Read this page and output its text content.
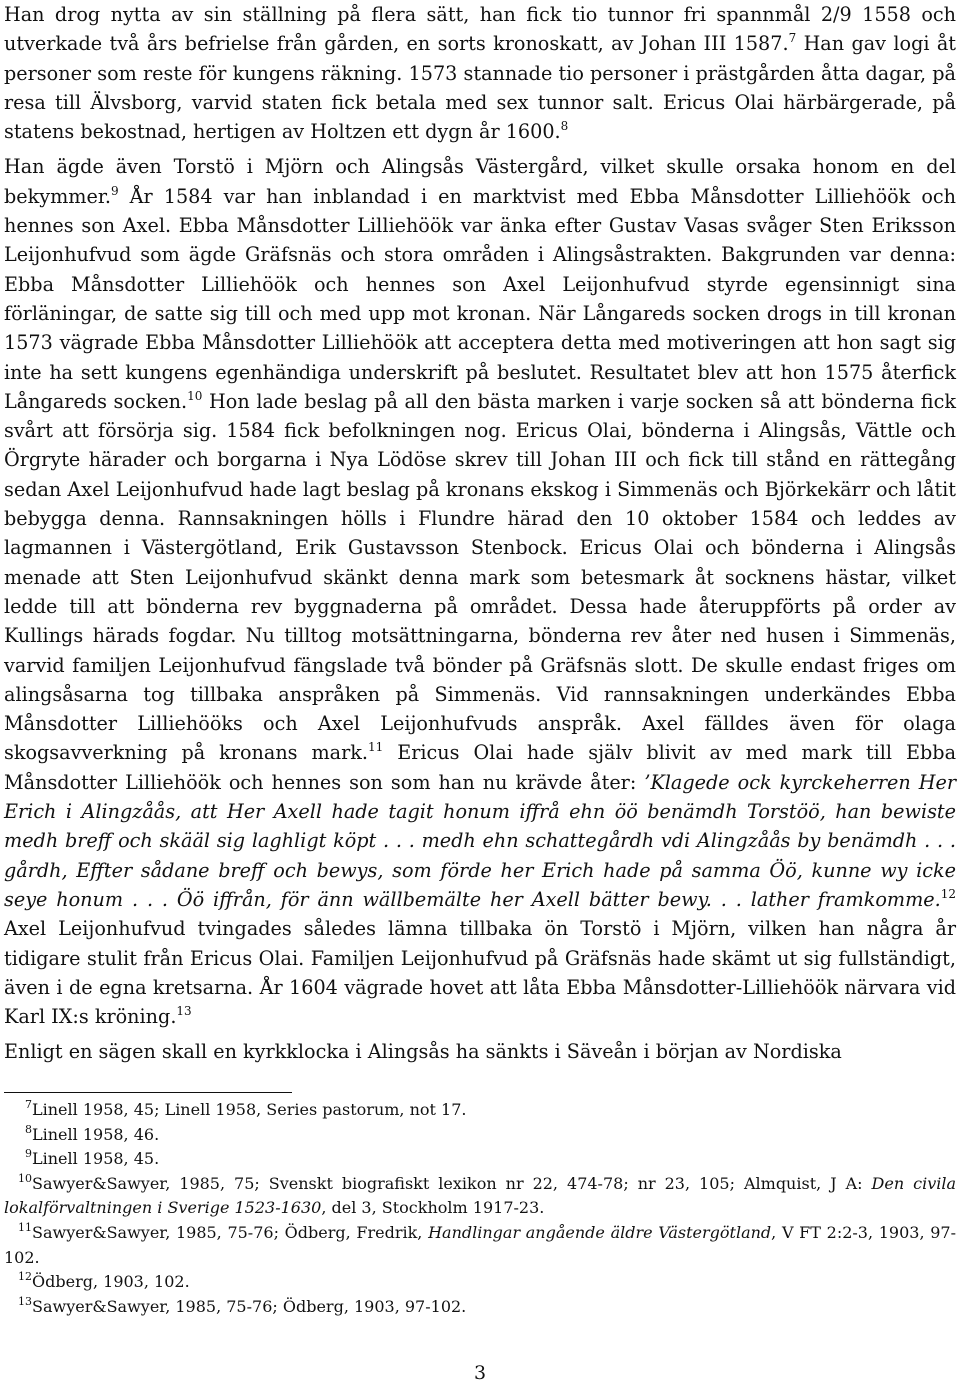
Han drog nytta av sin ställning på flera sätt, han fick tio tunnor fri spannmål 2/9 1558 och utverkade två års befrielse från gården, en sorts kronoskatt, av Johan III 1587.$^7$ Han gav logi åt personer som reste för kungens räkning. 1573 stannade tio personer i prästgården åtta dagar, på resa till Älvsborg, varvid staten fick betala med sex tunnor salt. Ericus Olai härbärgerade, på statens bekostnad, hertigen av Holtzen ett dygn år 1600.$^8$

Han ägde även Torstö i Mjörn och Alingsås Västergård, vilket skulle orsaka honom en del bekymmer.$^9$ År 1584 var han inblandad i en marktvist med Ebba Månsdotter Lilliehöök och hennes son Axel. Ebba Månsdotter Lilliehöök var änka efter Gustav Vasas svåger Sten Eriksson Leijonhufvud som ägde Gräfsnäs och stora områden i Alingsåstrakten. Bakgrunden var denna: Ebba Månsdotter Lilliehöök och hennes son Axel Leijonhufvud styrde egensinnigt sina förläningar, de satte sig till och med upp mot kronan. När Långareds socken drogs in till kronan 1573 vägrade Ebba Månsdotter Lilliehöök att acceptera detta med motiveringen att hon sagt sig inte ha sett kungens egenhändiga underskrift på beslutet. Resultatet blev att hon 1575 återfick Långareds socken.$^{10}$ Hon lade beslag på all den bästa marken i varje socken så att bönderna fick svårt att försörja sig. 1584 fick befolkningen nog. Ericus Olai, bönderna i Alingsås, Vättle och Örgryte härader och borgarna i Nya Lödöse skrev till Johan III och fick till stånd en rättegång sedan Axel Leijonhufvud hade lagt beslag på kronans ekskog i Simmenäs och Björkekärr och låtit bebygga denna. Rannsakningen hölls i Flundre härad den 10 oktober 1584 och leddes av lagmannen i Västergötland, Erik Gustavsson Stenbock. Ericus Olai och bönderna i Alingsås menade att Sten Leijonhufvud skänkt denna mark som betesmark åt socknens hästar, vilket ledde till att bönderna rev byggnaderna på området. Dessa hade återuppförts på order av Kullings härads fogdar. Nu tilltog motsättningarna, bönderna rev åter ned husen i Simmenäs, varvid familjen Leijonhufvud fängslade två bönder på Gräfsnäs slott. De skulle endast friges om alingsåsarna tog tillbaka anspråken på Simmenäs. Vid rannsakningen underkändes Ebba Månsdotter Lilliehööks och Axel Leijonhufvuds anspråk. Axel fälldes även för olaga skogsavverkning på kronans mark.$^{11}$ Ericus Olai hade själv blivit av med mark till Ebba Månsdotter Lilliehöök och hennes son som han nu krävde åter: ’Klagede ock kyrckeherren Her Erich i Alingzåås, att Her Axell hade tagit honum iffrå ehn öö benämdh Torstöö, han bewiste medh breff och skääl sig laghligt köpt . . . medh ehn schattegårdh vdi Alingzåås by benämdh . . . gårdh, Effter sådane breff och bewys, som förde her Erich hade på samma Öö, kunne wy icke seye honum . . . Öö iffrån, för änn wällbemälte her Axell bätter bewy. . . lather framkomme.$^{12}$ Axel Leijonhufvud tvingades således lämna tillbaka ön Torstö i Mjörn, vilken han några år tidigare stulit från Ericus Olai. Familjen Leijonhufvud på Gräfsnäs hade skämt ut sig fullständigt, även i de egna kretsarna. År 1604 vägrade hovet att låta Ebba Månsdotter-Lilliehöök närvara vid Karl IX:s kröning.$^{13}$

Enligt en sägen skall en kyrkklocka i Alingsås ha sänkts i Säveån i början av Nordiska

$^7$Linell 1958, 45; Linell 1958, Series pastorum, not 17.

$^8$Linell 1958, 46.

$^9$Linell 1958, 45.

$^{10}$Sawyer&Sawyer, 1985, 75; Svenskt biografiskt lexikon nr 22, 474-78; nr 23, 105; Almquist, J A: Den civila lokalförvaltningen i Sverige 1523-1630, del 3, Stockholm 1917-23.

$^{11}$Sawyer&Sawyer, 1985, 75-76; Ödberg, Fredrik, Handlingar angående äldre Västergötland, V FT 2:2-3, 1903, 97-102.

$^{12}$Ödberg, 1903, 102.

$^{13}$Sawyer&Sawyer, 1985, 75-76; Ödberg, 1903, 97-102.

3
